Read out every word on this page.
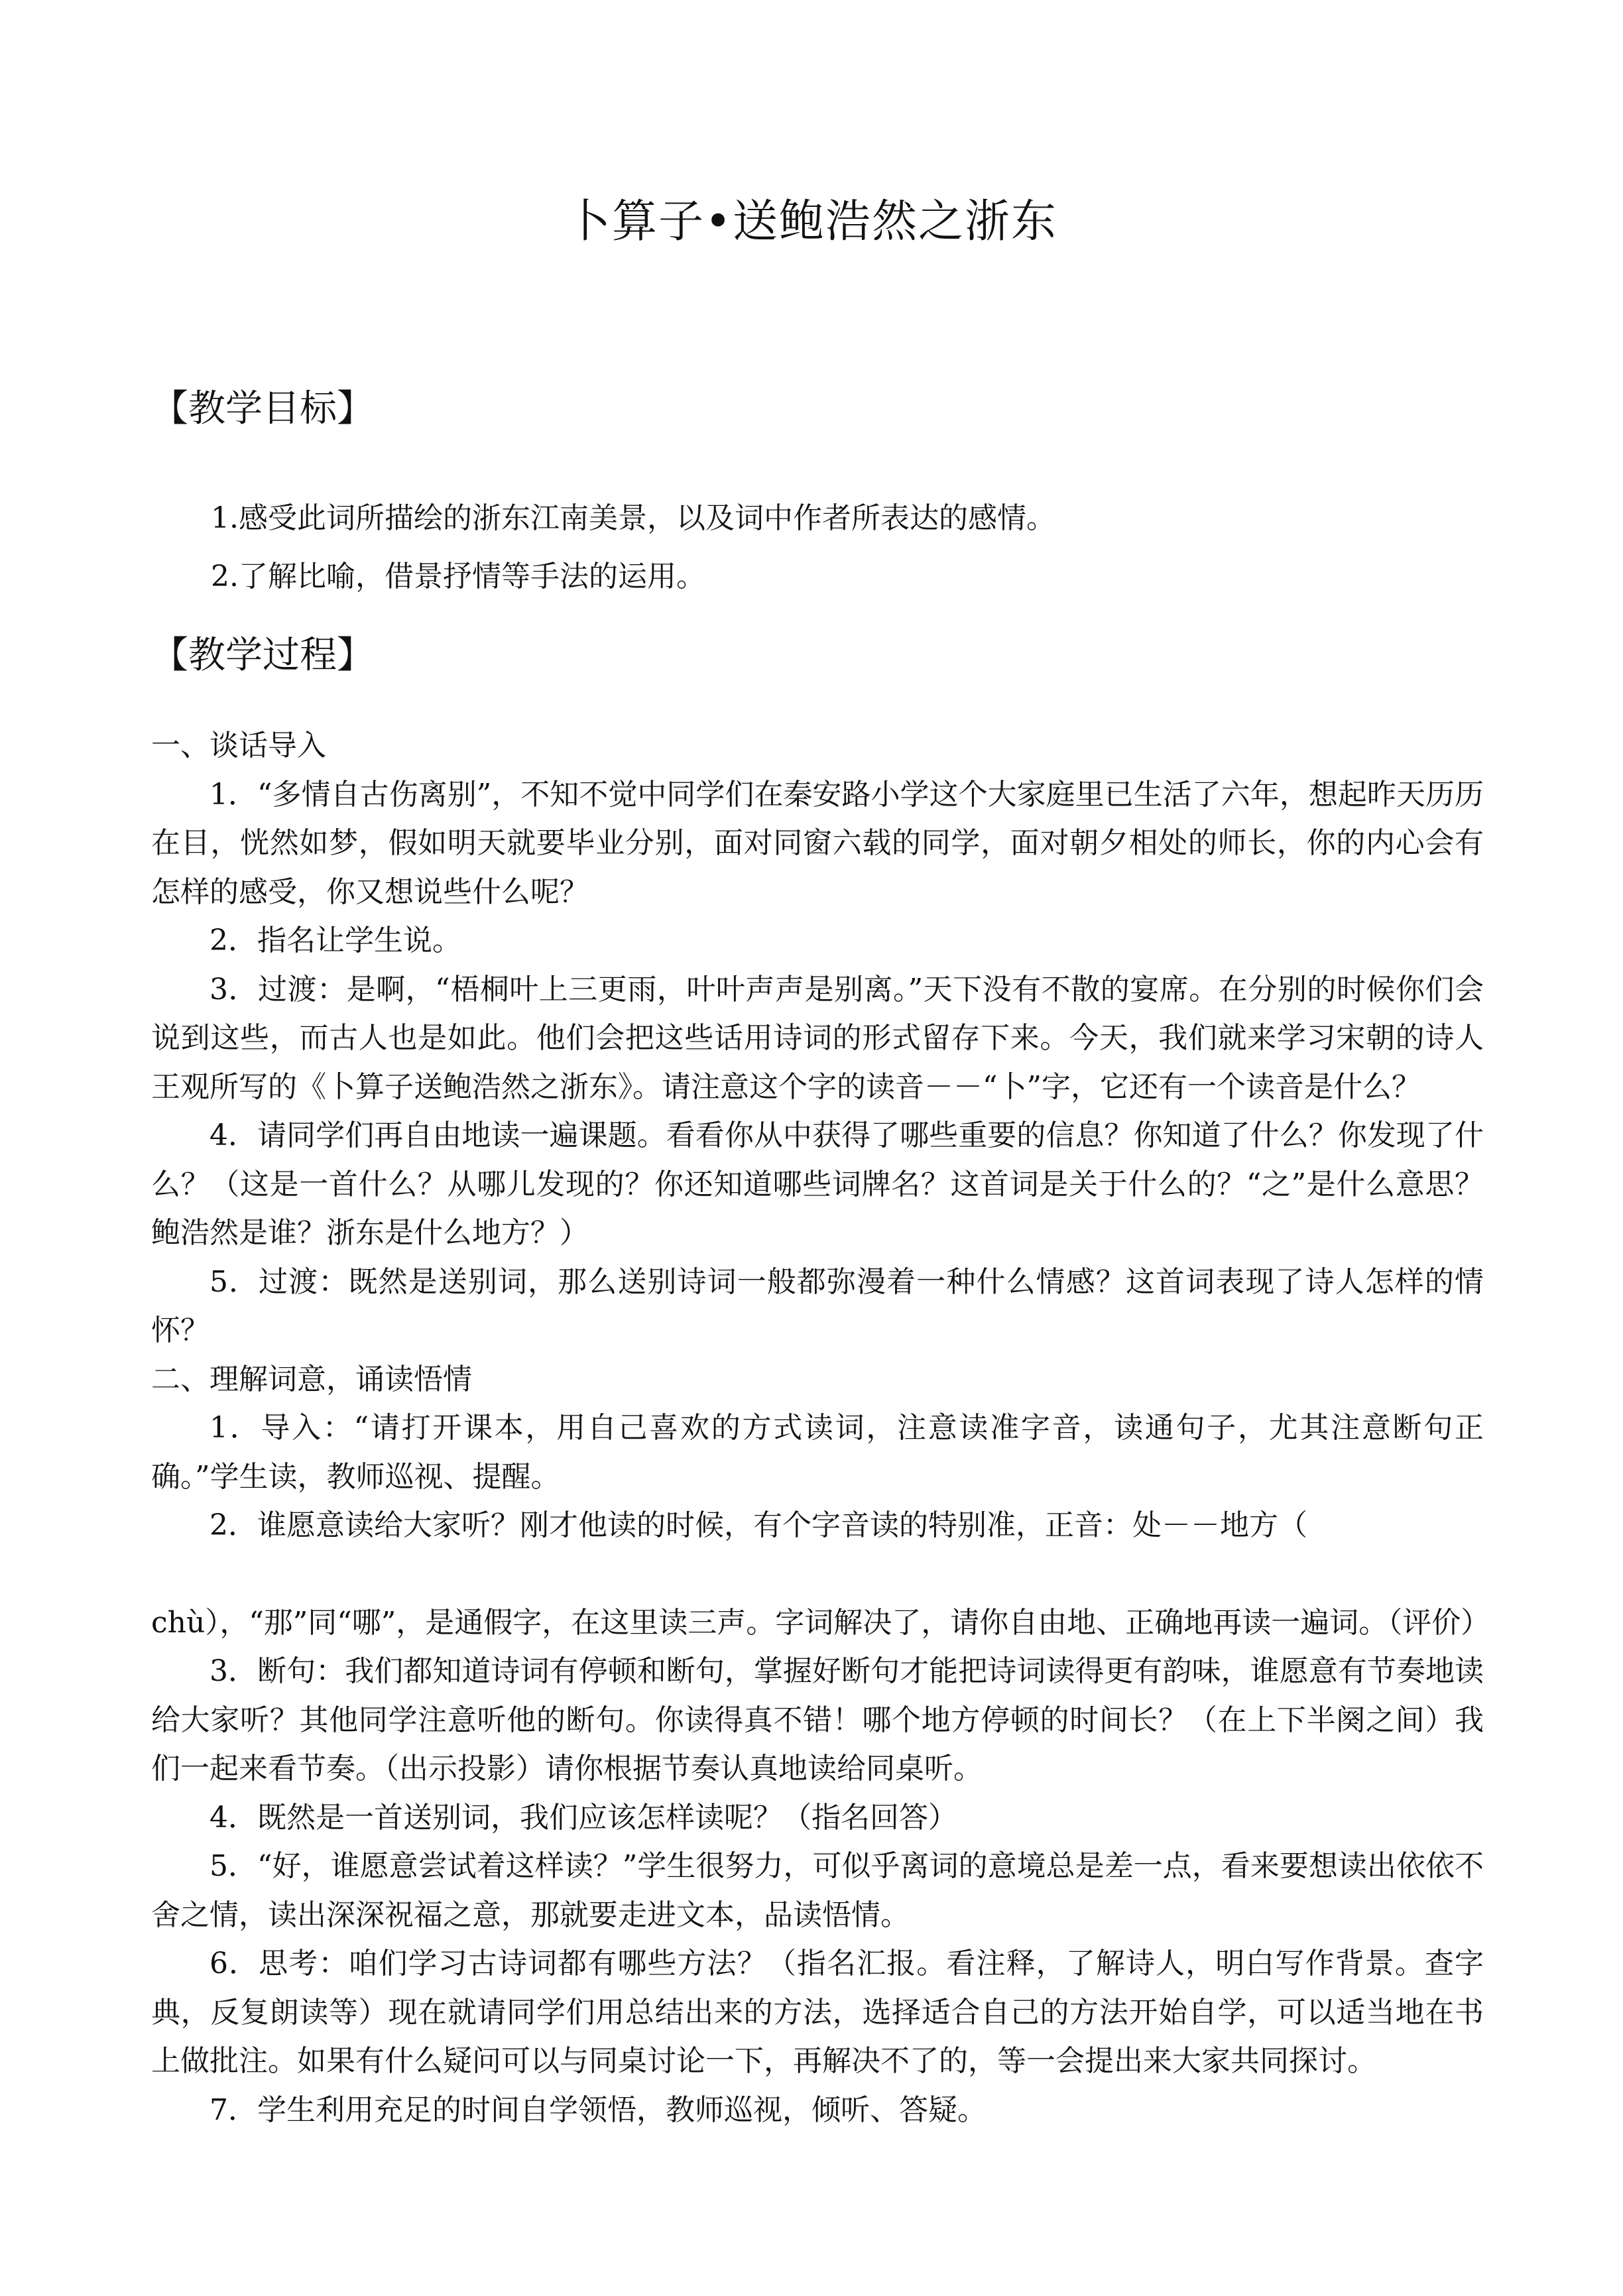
卜算子•送鲍浩然之浙东
【教学目标】
1.感受此词所描绘的浙东江南美景，以及词中作者所表达的感情。
2.了解比喻，借景抒情等手法的运用。
【教学过程】

一、谈话导入

1．“多情自古伤离别”，不知不觉中同学们在秦安路小学这个大家庭里已生活了六年，想起昨天历历在目，恍然如梦，假如明天就要毕业分别，面对同窗六载的同学，面对朝夕相处的师长，你的内心会有怎样的感受，你又想说些什么呢？

2．指名让学生说。

3．过渡：是啊，“梧桐叶上三更雨，叶叶声声是别离。”天下没有不散的宴席。在分别的时候你们会说到这些，而古人也是如此。他们会把这些话用诗词的形式留存下来。今天，我们就来学习宋朝的诗人王观所写的《卜算子送鲍浩然之浙东》。请注意这个字的读音－－“卜”字，它还有一个读音是什么？

4．请同学们再自由地读一遍课题。看看你从中获得了哪些重要的信息？你知道了什么？你发现了什么？（这是一首什么？从哪儿发现的？你还知道哪些词牌名？这首词是关于什么的？“之”是什么意思？鲍浩然是谁？浙东是什么地方？）

5．过渡：既然是送别词，那么送别诗词一般都弥漫着一种什么情感？这首词表现了诗人怎样的情怀？

二、理解词意，诵读悟情

1．导入：“请打开课本，用自己喜欢的方式读词，注意读准字音，读通句子，尤其注意断句正确。”学生读，教师巡视、提醒。

2．谁愿意读给大家听？刚才他读的时候，有个字音读的特别准，正音：处－－地方（

chù），“那”同“哪”，是通假字，在这里读三声。字词解决了，请你自由地、正确地再读一遍词。（评价）

3．断句：我们都知道诗词有停顿和断句，掌握好断句才能把诗词读得更有韵味，谁愿意有节奏地读给大家听？其他同学注意听他的断句。你读得真不错！哪个地方停顿的时间长？（在上下半阕之间）我们一起来看节奏。（出示投影）请你根据节奏认真地读给同桌听。

4．既然是一首送别词，我们应该怎样读呢？（指名回答）

5．“好，谁愿意尝试着这样读？”学生很努力，可似乎离词的意境总是差一点，看来要想读出依依不舍之情，读出深深祝福之意，那就要走进文本，品读悟情。

6．思考：咱们学习古诗词都有哪些方法？（指名汇报。看注释，了解诗人，明白写作背景。查字典，反复朗读等）现在就请同学们用总结出来的方法，选择适合自己的方法开始自学，可以适当地在书上做批注。如果有什么疑问可以与同桌讨论一下，再解决不了的，等一会提出来大家共同探讨。

7．学生利用充足的时间自学领悟，教师巡视，倾听、答疑。
